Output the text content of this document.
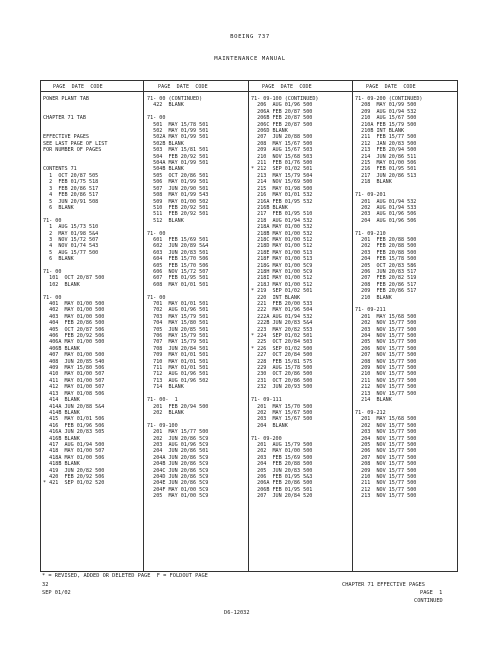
BOEING 737
MAINTENANCE MANUAL
PAGE  DATE  CODE	PAGE  DATE  CODE	PAGE  DATE  CODE	PAGE  DATE  CODE
POWER PLANT TAB
CHAPTER 71 TAB
EFFECTIVE PAGES
SEE LAST PAGE OF LIST
FOR NUMBER OF PAGES
CONTENTS 71
1  OCT 20/87 505
2  FEB 01/75 518
3  FEB 20/86 517
4  FEB 20/86 517
5  JUN 20/91 508
6  BLANK
71- 00
1  AUG 15/73 510
2  MAY 01/98 5&4
3  NOV 15/72 507
4  NOV 01/74 543
5  AUG 15/77 500
6  BLANK
71- 00
101  OCT 20/87 500
102  BLANK
71- 00
401  MAY 01/00 500
402  MAY 01/00 500
403  MAY 01/00 500
404  FEB 20/86 500
405  OCT 20/87 506
406  FEB 20/92 506
406A MAY 01/00 500
406B BLANK
407  MAY 01/00 500
408  JUN 20/85 540
409  MAY 15/80 506
410  MAY 01/00 507
411  MAY 01/00 507
412  MAY 01/00 507
413  MAY 01/08 506
414  BLANK
414A JUN 20/88 5&4
414B BLANK
415  MAY 01/01 506
416  FEB 01/96 506
416A JUN 20/83 505
416B BLANK
417  AUG 01/94 500
418  MAY 01/00 507
418A MAY 01/00 506
418B BLANK
419  JUN 20/82 500
420  FEB 20/92 506
* 421  SEP 01/02 520
71- 00 (CONTINUED)
422  BLANK
71- 00
501  MAY 15/78 501
502  MAY 01/99 501
502A MAY 01/99 501
502B BLANK
503  MAY 15/81 501
504  FEB 20/92 501
504A MAY 01/99 501
504B BLANK
505  OCT 20/86 501
506  MAY 01/99 501
507  JUN 20/90 501
508  MAY 01/99 543
509  MAY 01/00 502
510  FEB 20/92 501
511  FEB 20/92 501
512  BLANK
71- 00
601  FEB 15/69 501
602  JUN 20/89 5&4
603  JUN 20/83 501
604  FEB 15/70 506
605  FEB 15/70 506
606  NOV 15/72 507
607  FEB 01/95 501
608  MAY 01/01 501
71- 00
701  MAY 01/01 501
702  AUG 01/96 501
703  MAY 15/79 501
704  MAY 15/80 501
705  JUN 20/85 501
706  MAY 15/79 501
707  MAY 15/79 501
708  JUN 20/84 501
709  MAY 01/01 501
710  MAY 01/01 501
711  MAY 01/01 501
712  AUG 01/96 501
713  AUG 01/96 502
714  BLANK
71- 00-  1
201  FEB 20/94 500
202  BLANK
71- 09-100
201  MAY 15/77 500
202  JUN 20/86 5C9
203  AUG 01/96 5C9
204  JUN 20/86 501
204A JUN 20/86 5C9
204B JUN 20/86 5C9
204C JUN 20/86 5C9
204D JUN 20/86 5C9
204E JUN 20/86 5C9
204F MAY 01/00 5C9
205  MAY 01/00 5C9
71- 09-100 (CONTINUED)
206  AUG 01/96 500
206A FEB 20/87 500
206B FEB 20/87 500
206C FEB 20/87 500
206D BLANK
207  JUN 20/88 500
208  MAY 15/67 500
209  AUG 15/67 503
210  NOV 15/68 503
211  FEB 01/76 500
* 212  SEP 01/02 501
213  MAY 15/79 504
214  NOV 15/69 500
215  MAY 01/98 500
216  MAY 01/01 532
216A FEB 01/95 532
216B BLANK
217  FEB 01/95 510
218  AUG 01/94 532
218A MAY 01/00 532
218B MAY 01/00 532
218C MAY 01/00 512
218D MAY 01/00 512
218E MAY 01/00 513
218F MAY 01/00 513
218G MAY 01/00 5C9
218H MAY 01/00 5C9
218I MAY 01/00 512
218J MAY 01/00 512
* 219  SEP 01/02 501
220  INT BLANK
221  FEB 20/00 533
222  MAY 01/96 504
222A AUG 01/94 532
222B JUN 20/83 5&4
223  MAY 20/82 553
* 224  SEP 01/02 501
225  OCT 20/84 503
* 226  SEP 01/02 500
227  OCT 20/84 500
228  FEB 15/81 575
229  AUG 15/78 500
230  OCT 20/86 500
231  OCT 20/86 500
232  JUN 20/93 500
71- 09-111
201  MAY 15/70 500
202  MAY 15/67 500
203  MAY 15/67 500
204  BLANK
71- 09-200
201  AUG 15/79 500
202  MAY 01/00 500
203  FEB 15/69 500
204  FEB 20/88 500
205  JUN 20/83 500
206  FEB 01/95 5&3
206A FEB 20/86 500
206B FEB 01/95 501
207  JUN 20/84 520
71- 09-200 (CONTINUED)
208  MAY 01/99 500
209  AUG 01/94 532
210  AUG 15/67 500
210A FEB 15/79 500
210B INT BLANK
211  FEB 15/77 500
212  JAN 20/83 500
213  FEB 20/94 500
214  JUN 20/86 511
215  MAY 01/00 506
216  FEB 01/95 501
217  JUN 20/86 513
218  BLANK
71- 09-201
201  AUG 01/94 532
202  AUG 01/94 533
203  AUG 01/96 506
204  AUG 01/96 506
71- 09-210
201  FEB 20/88 500
202  FEB 20/88 500
203  FEB 20/88 500
204  FEB 15/78 500
205  OCT 20/83 586
206  JUN 20/83 517
207  FEB 20/82 519
208  FEB 20/86 517
209  FEB 20/86 517
210  BLANK
71- 09-211
201  MAY 15/68 500
202  NOV 15/77 500
203  NOV 15/77 500
204  NOV 15/77 500
205  NOV 15/77 500
206  NOV 15/77 500
207  NOV 15/77 500
208  NOV 15/77 500
209  NOV 15/77 500
210  NOV 15/77 500
211  NOV 15/77 500
212  NOV 15/77 500
213  NOV 15/77 500
214  BLANK
71- 09-212
201  MAY 15/68 500
202  NOV 15/77 500
203  NOV 15/77 500
204  NOV 15/77 500
205  NOV 15/77 500
206  NOV 15/77 500
207  NOV 15/77 500
208  NOV 15/77 500
209  NOV 15/77 500
210  NOV 15/77 500
211  NOV 15/77 500
212  NOV 15/77 500
213  NOV 15/77 500
* = REVISED, ADDED OR DELETED PAGE  F = FOLDOUT PAGE
32
SEP 01/02
CHAPTER 71 EFFECTIVE PAGES
PAGE  1
CONTINUED
D6-12032
